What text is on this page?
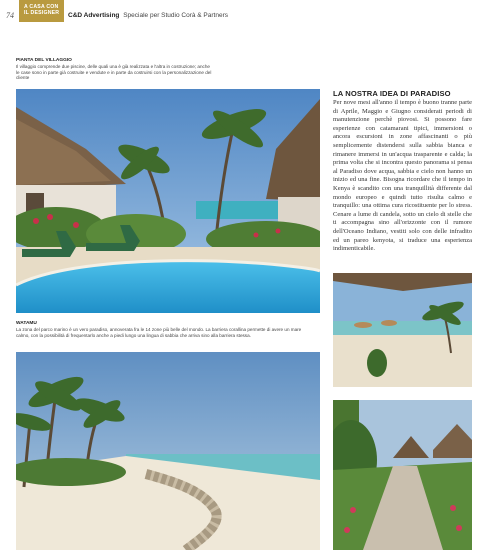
74
A CASA CON
IL DESIGNER	C&D Advertising Speciale per Studio Corà & Partners
PIANTA DEL VILLAGGIO
Il villaggio comprende due piscine, delle quali una è già realizzata e l'altra in costruzione; anche le case sono in parte già costruite e vendute e in parte da costruirsi con la personalizzazione del cliente
WATAMU
La zona del parco marino è un vero paradiso, annoverata fra le 14 zone più belle del mondo. La barriera corallina permette di avere un mare calmo, con la possibilità di frequentarlo anche a piedi lungo una lingua di sabbia che arriva sino alla barriera stessa.
LA NOSTRA IDEA DI PARADISO
Per nove mesi all'anno il tempo è buono tranne parte di Aprile, Maggio e Giugno considerati periodi di manutenzione perchè piovosi. Si possono fare esperienze con catamarani tipici, immersioni o ancora escursioni in zone affascinanti o più semplicemente distendersi sulla sabbia bianca e rimanere immersi in un'acqua trasparente e calda; la prima volta che si incontra questo panorama si pensa al Paradiso dove acqua, sabbia e cielo non hanno un inizio ed una fine. Bisogna ricordare che il tempo in Kenya è scandito con una tranquillità differente dal mondo europeo e quindi tutto risulta calmo e tranquillo: una ottima cura ricostituente per lo stress. Cenare a lume di candela, sotto un cielo di stelle che ti accompagna sino all'orizzonte con il rumore dell'Oceano Indiano, vestiti solo con delle infradito ed un pareo kenyota, si traduce una esperienza indimenticabile.
